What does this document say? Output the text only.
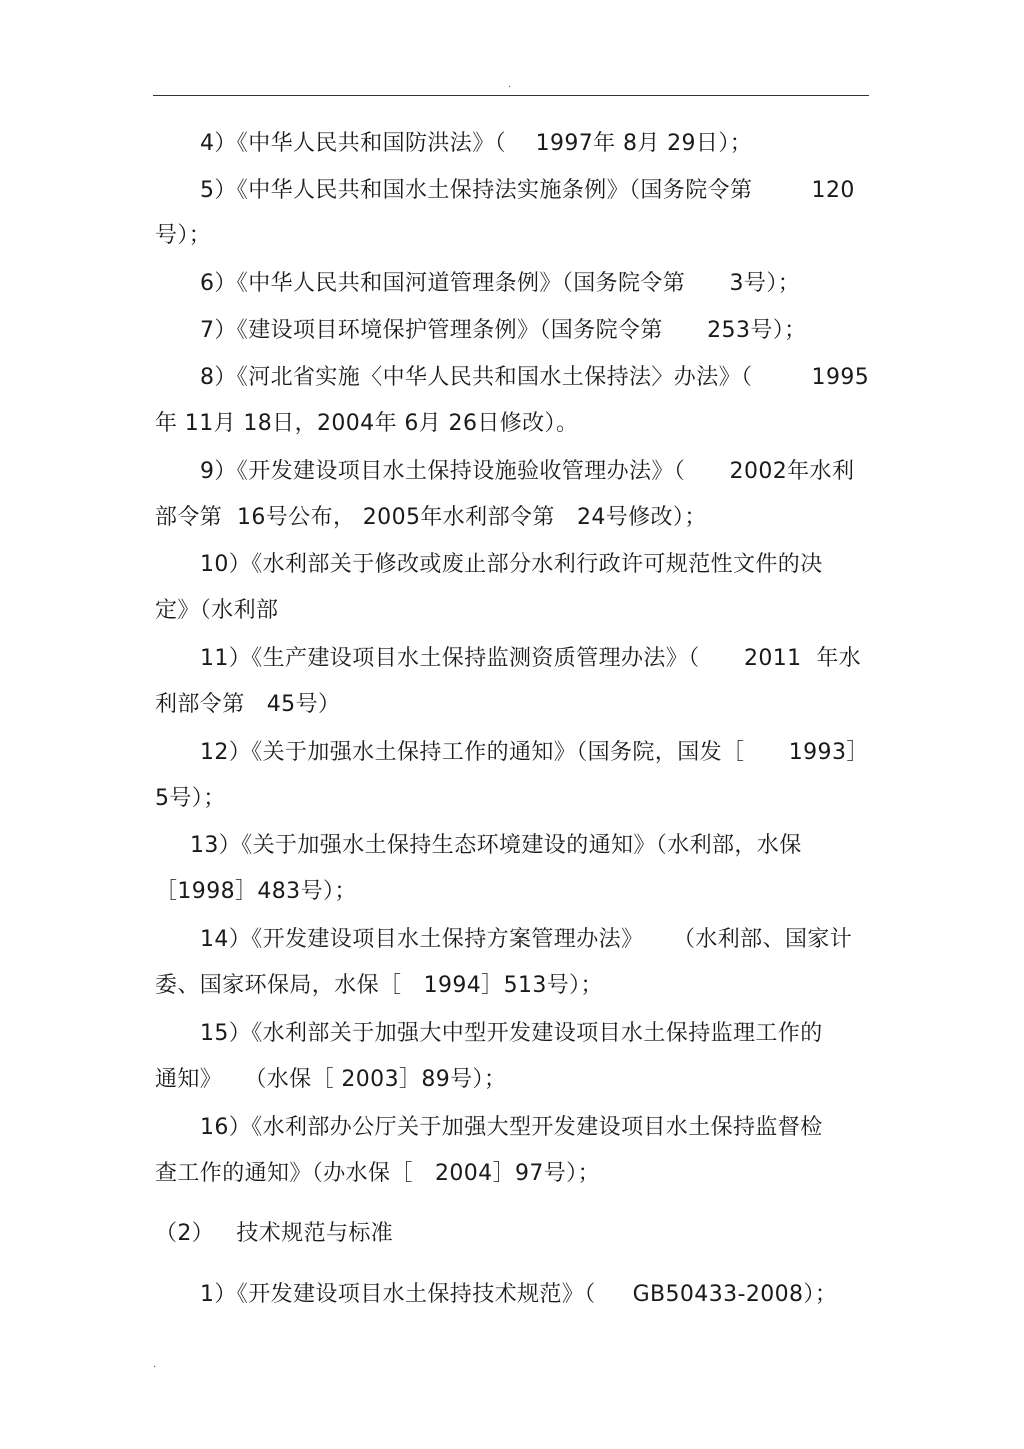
.
4）《中华人民共和国防洪法》（    1997年 8月 29日）；
5）《中华人民共和国水土保持法实施条例》（国务院令第        120
号）；
6）《中华人民共和国河道管理条例》（国务院令第      3号）；
7）《建设项目环境保护管理条例》（国务院令第      253号）；
8）《河北省实施〈中华人民共和国水土保持法〉办法》（        1995
年 11月 18日，2004年 6月 26日修改）。
9）《开发建设项目水土保持设施验收管理办法》（      2002年水利
部令第  16号公布， 2005年水利部令第   24号修改）；
10）《水利部关于修改或废止部分水利行政许可规范性文件的决
定》（水利部
11）《生产建设项目水土保持监测资质管理办法》（      2011  年水
利部令第   45号）
12）《关于加强水土保持工作的通知》（国务院，国发［      1993］
5号）；
13）《关于加强水土保持生态环境建设的通知》（水利部，水保
［1998］483号）；
14）《开发建设项目水土保持方案管理办法》    （水利部、国家计
委、国家环保局，水保［   1994］513号）；
15）《水利部关于加强大中型开发建设项目水土保持监理工作的
通知》   （水保［ 2003］89号）；
16）《水利部办公厅关于加强大型开发建设项目水土保持监督检
查工作的通知》（办水保［   2004］97号）；
（2）   技术规范与标准
1）《开发建设项目水土保持技术规范》（     GB50433-2008）；
.
